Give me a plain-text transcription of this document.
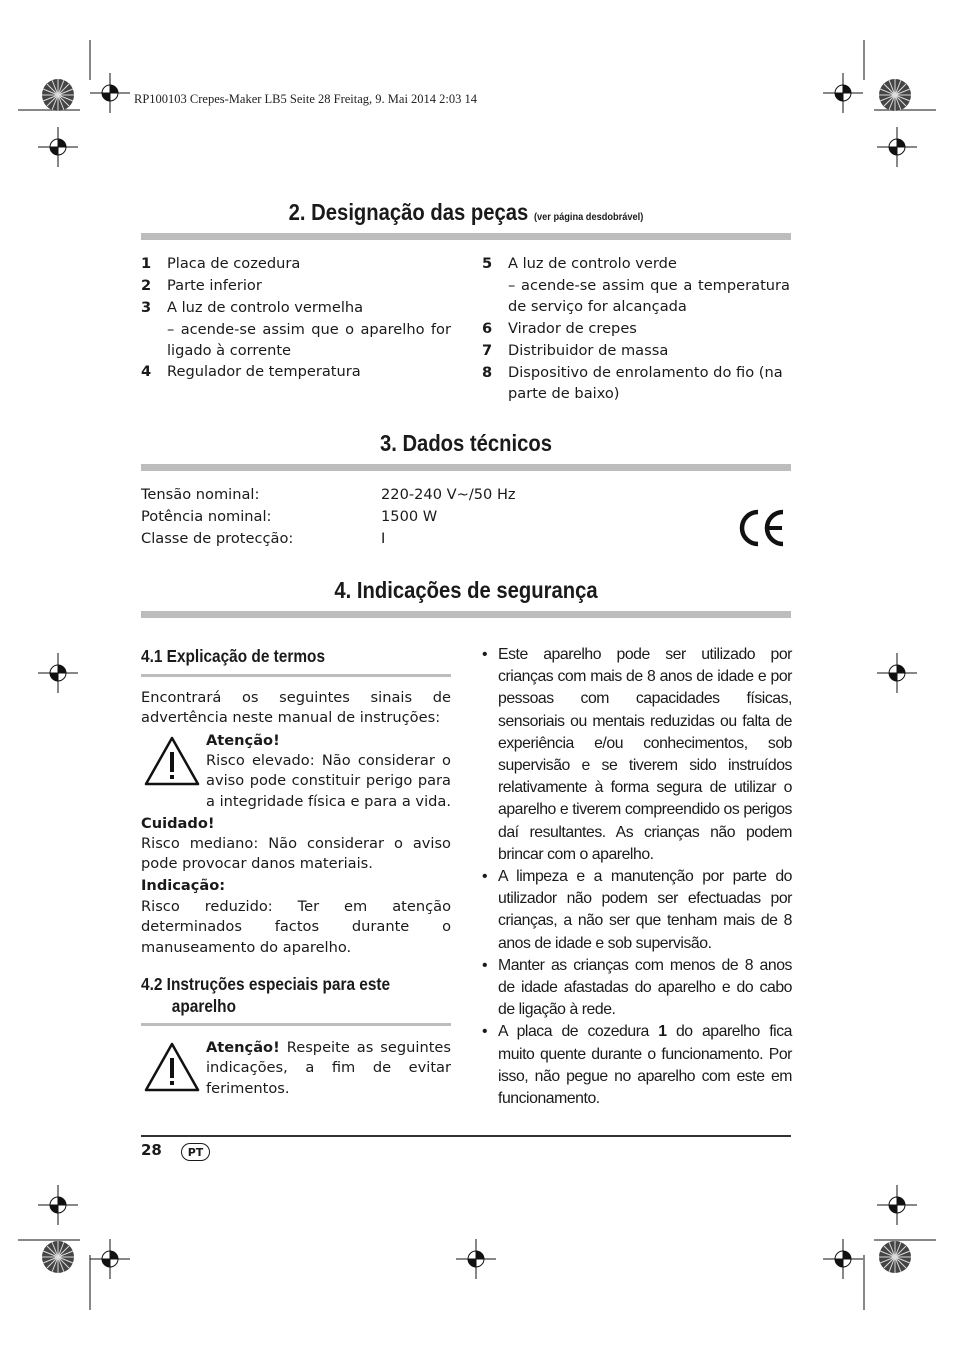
RP100103 Crepes-Maker LB5 Seite 28 Freitag, 9. Mai 2014 2:03 14
2. Designação das peças (ver página desdobrável)
1 Placa de cozedura
2 Parte inferior
3 A luz de controlo vermelha
– acende-se assim que o aparelho for ligado à corrente
4 Regulador de temperatura
5 A luz de controlo verde
– acende-se assim que a temperatura de serviço for alcançada
6 Virador de crepes
7 Distribuidor de massa
8 Dispositivo de enrolamento do fio (na parte de baixo)
3. Dados técnicos
Tensão nominal:	220-240 V~/50 Hz
Potência nominal:	1500 W
Classe de protecção:	I
4. Indicações de segurança
4.1 Explicação de termos
Encontrará os seguintes sinais de advertência neste manual de instruções:
Atenção!
Risco elevado: Não considerar o aviso pode constituir perigo para a integridade física e para a vida.
Cuidado!
Risco mediano: Não considerar o aviso pode provocar danos materiais.
Indicação:
Risco reduzido: Ter em atenção determinados factos durante o manuseamento do aparelho.
4.2 Instruções especiais para este
aparelho
Atenção! Respeite as seguintes indicações, a fim de evitar ferimentos.
• Este aparelho pode ser utilizado por crianças com mais de 8 anos de idade e por pessoas com capacidades físicas, sensoriais ou mentais reduzidas ou falta de experiência e/ou conhecimentos, sob supervisão e se tiverem sido instruídos relativamente à forma segura de utilizar o aparelho e tiverem compreendido os perigos daí resultantes. As crianças não podem brincar com o aparelho.
• A limpeza e a manutenção por parte do utilizador não podem ser efectuadas por crianças, a não ser que tenham mais de 8 anos de idade e sob supervisão.
• Manter as crianças com menos de 8 anos de idade afastadas do aparelho e do cabo de ligação à rede.
• A placa de cozedura 1 do aparelho fica muito quente durante o funcionamento. Por isso, não pegue no aparelho com este em funcionamento.
28	PT
